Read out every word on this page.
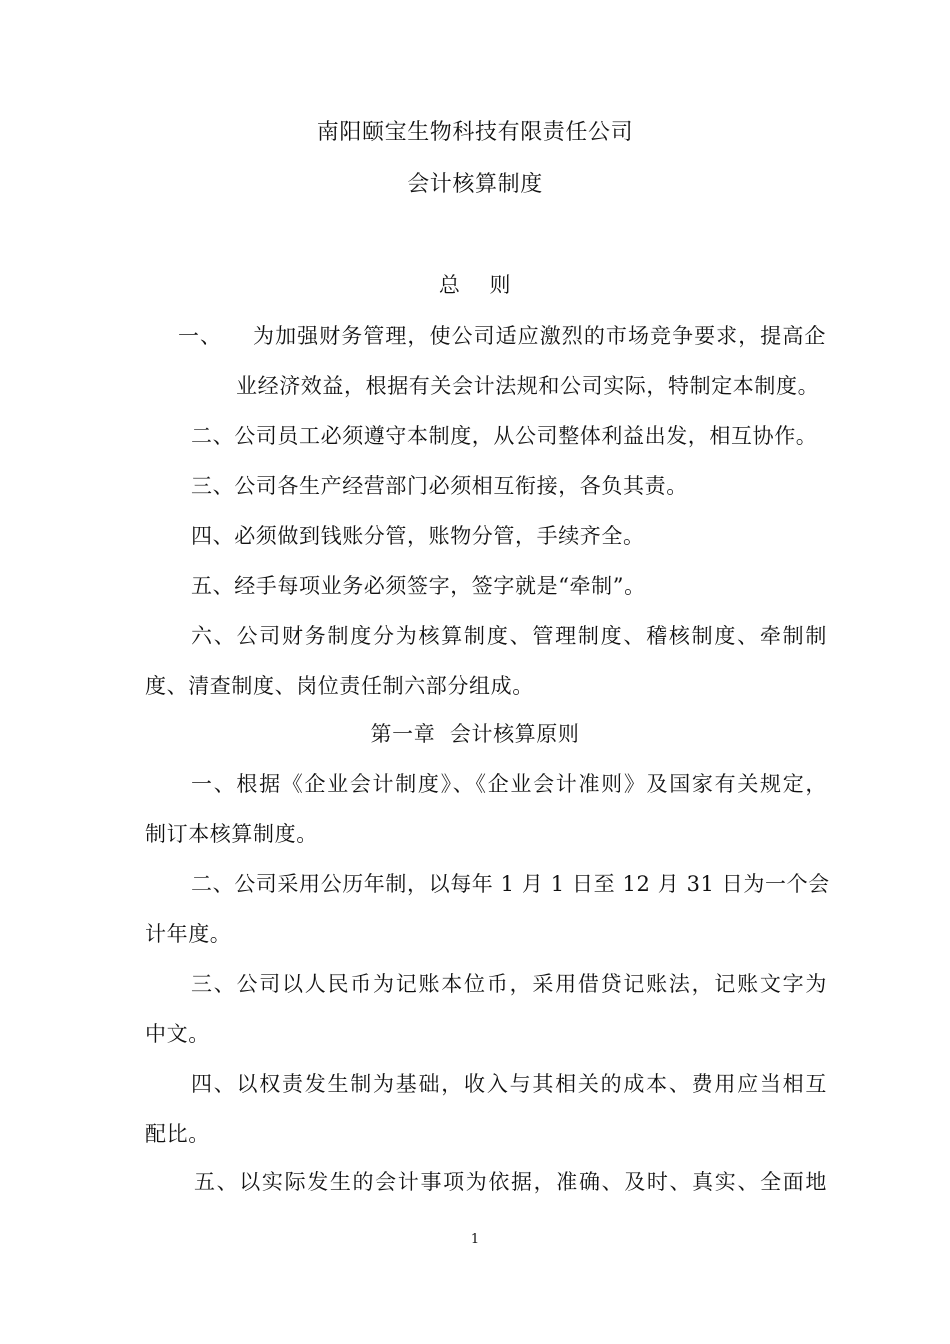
南阳颐宝生物科技有限责任公司
会计核算制度
总    则
一、    为加强财务管理，使公司适应激烈的市场竞争要求，提高企
业经济效益，根据有关会计法规和公司实际，特制定本制度。
二、公司员工必须遵守本制度，从公司整体利益出发，相互协作。
三、公司各生产经营部门必须相互衔接，各负其责。
四、必须做到钱账分管，账物分管，手续齐全。
五、经手每项业务必须签字，签字就是“牵制”。
六、公司财务制度分为核算制度、管理制度、稽核制度、牵制制
度、清查制度、岗位责任制六部分组成。
第一章  会计核算原则
一、根据《企业会计制度》、《企业会计准则》及国家有关规定，
制订本核算制度。
二、公司采用公历年制，以每年 1 月 1 日至 12 月 31 日为一个会
计年度。
三、公司以人民币为记账本位币，采用借贷记账法，记账文字为
中文。
四、以权责发生制为基础，收入与其相关的成本、费用应当相互
配比。
五、以实际发生的会计事项为依据，准确、及时、真实、全面地
1
